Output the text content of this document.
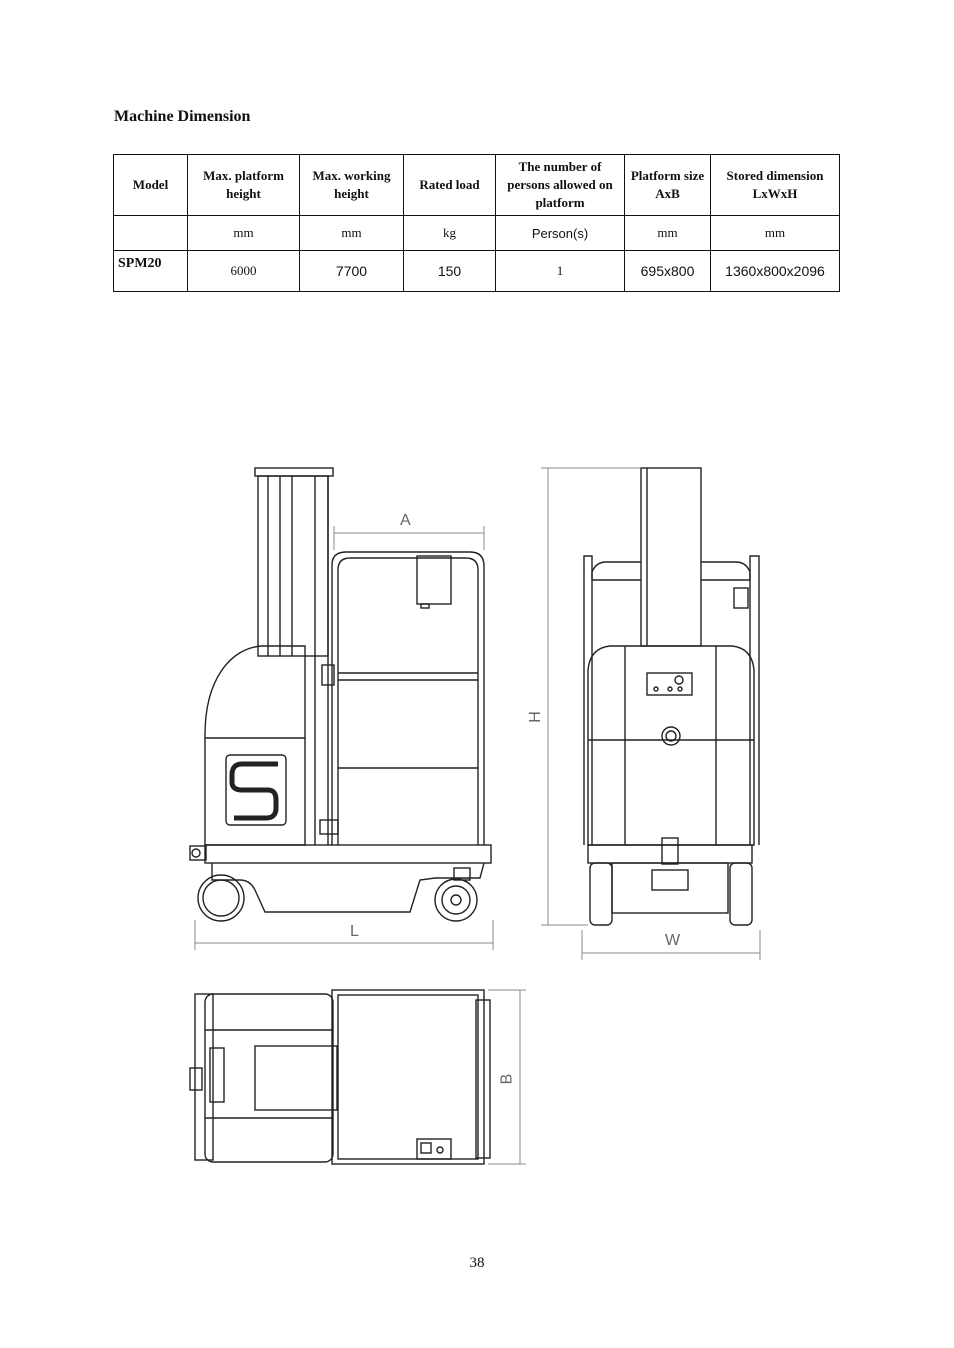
Machine Dimension
Model	Max. platform height	Max. working height	Rated load	The number of persons allowed on platform	Platform size AxB	Stored dimension LxWxH
	mm	mm	kg	Person(s)	mm	mm
SPM20	6000	7700	150	1	695x800	1360x800x2096
A
H
L
W
B
38
